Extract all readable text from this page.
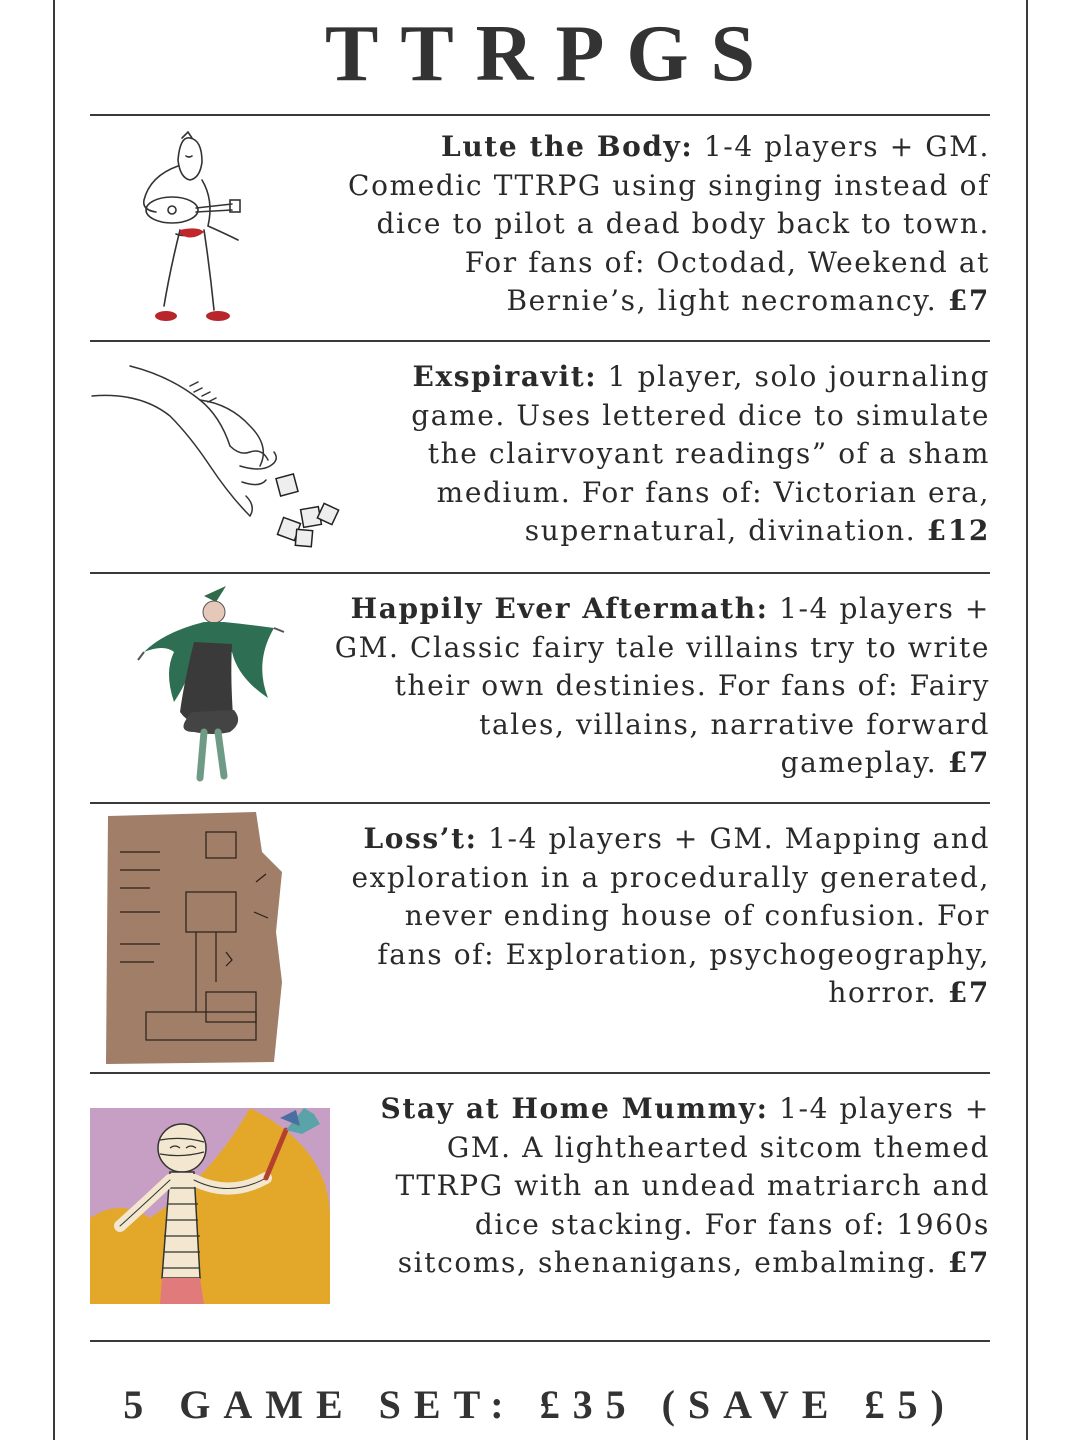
TTRPGS
Lute the Body: 1-4 players + GM. Comedic TTRPG using singing instead of dice to pilot a dead body back to town. For fans of: Octodad, Weekend at Bernie’s, light necromancy. £7
Exspiravit: 1 player, solo journaling game. Uses lettered dice to simulate the clairvoyant readings” of a sham medium. For fans of: Victorian era, supernatural, divination. £12
Happily Ever Aftermath: 1-4 players + GM. Classic fairy tale villains try to write their own destinies. For fans of: Fairy tales, villains, narrative forward gameplay. £7
Loss’t: 1-4 players + GM. Mapping and exploration in a procedurally generated, never ending house of confusion. For fans of: Exploration, psychogeography, horror. £7
Stay at Home Mummy: 1-4 players + GM. A lighthearted sitcom themed TTRPG with an undead matriarch and dice stacking. For fans of: 1960s sitcoms, shenanigans, embalming. £7
5 GAME SET: £35 (SAVE £5)
